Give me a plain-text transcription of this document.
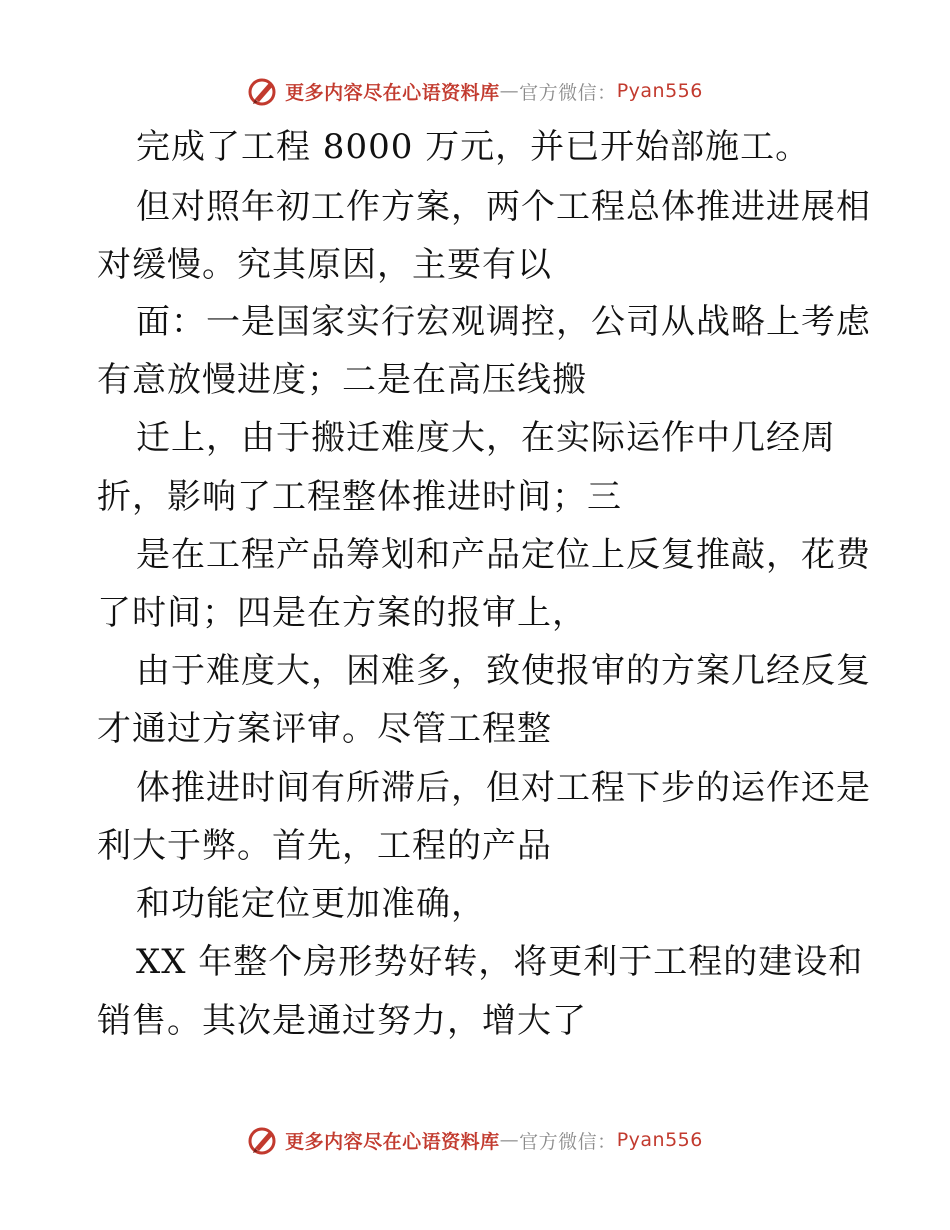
更多内容尽在心语资料库 — 官方微信： Pyan556
完成了工程 8000 万元，并已开始部施工。
但对照年初工作方案，两个工程总体推进进展相
对缓慢。究其原因，主要有以
面：一是国家实行宏观调控，公司从战略上考虑
有意放慢进度；二是在高压线搬
迁上，由于搬迁难度大，在实际运作中几经周
折，影响了工程整体推进时间；三
是在工程产品筹划和产品定位上反复推敲，花费
了时间；四是在方案的报审上，
由于难度大，困难多，致使报审的方案几经反复
才通过方案评审。尽管工程整
体推进时间有所滞后，但对工程下步的运作还是
利大于弊。首先，工程的产品
和功能定位更加准确，
XX 年整个房形势好转，将更利于工程的建设和
销售。其次是通过努力，增大了
更多内容尽在心语资料库 — 官方微信： Pyan556
